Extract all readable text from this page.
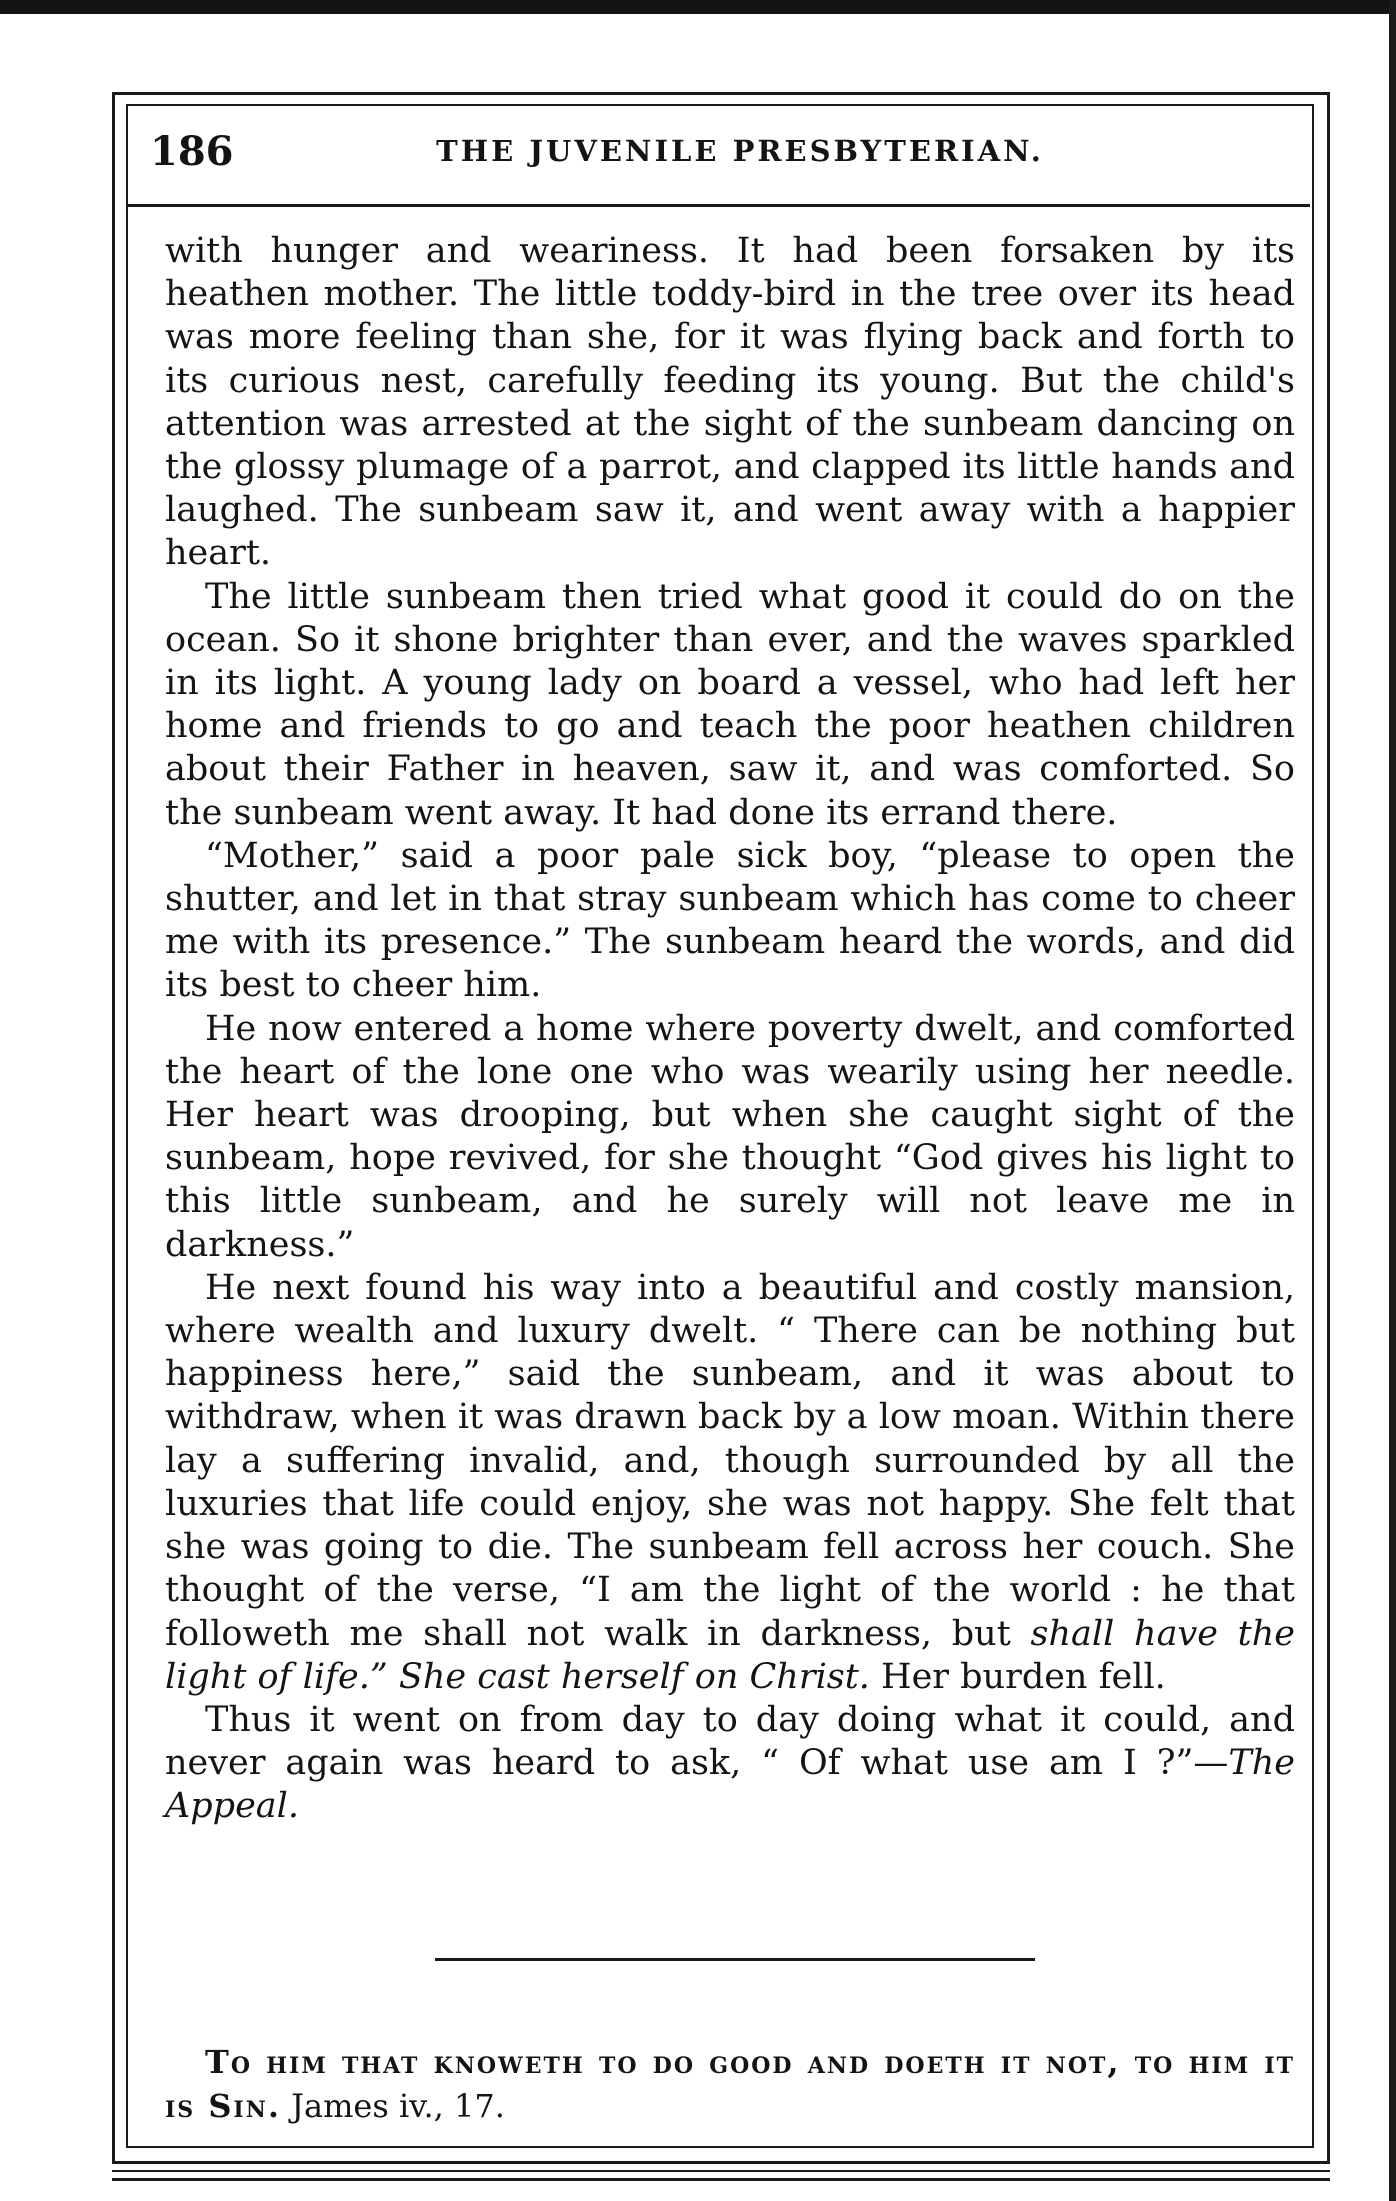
186	THE JUVENILE PRESBYTERIAN.

with hunger and weariness. It had been forsaken by its heathen mother. The little toddy-bird in the tree over its head was more feeling than she, for it was flying back and forth to its curious nest, carefully feeding its young. But the child's attention was arrested at the sight of the sunbeam dancing on the glossy plumage of a parrot, and clapped its little hands and laughed. The sunbeam saw it, and went away with a happier heart.

The little sunbeam then tried what good it could do on the ocean. So it shone brighter than ever, and the waves sparkled in its light. A young lady on board a vessel, who had left her home and friends to go and teach the poor heathen children about their Father in heaven, saw it, and was comforted. So the sunbeam went away. It had done its errand there.

“Mother,” said a poor pale sick boy, “please to open the shutter, and let in that stray sunbeam which has come to cheer me with its presence.” The sunbeam heard the words, and did its best to cheer him.

He now entered a home where poverty dwelt, and comforted the heart of the lone one who was wearily using her needle. Her heart was drooping, but when she caught sight of the sunbeam, hope revived, for she thought “God gives his light to this little sunbeam, and he surely will not leave me in darkness.”

He next found his way into a beautiful and costly mansion, where wealth and luxury dwelt. “ There can be nothing but happiness here,” said the sunbeam, and it was about to withdraw, when it was drawn back by a low moan. Within there lay a suffering invalid, and, though surrounded by all the luxuries that life could enjoy, she was not happy. She felt that she was going to die. The sunbeam fell across her couch. She thought of the verse, “I am the light of the world : he that followeth me shall not walk in darkness, but shall have the light of life.” She cast herself on Christ. Her burden fell.

Thus it went on from day to day doing what it could, and never again was heard to ask, “ Of what use am I ?”—The Appeal.

To him that knoweth to do good and doeth it not, to him it is Sin. James iv., 17.
